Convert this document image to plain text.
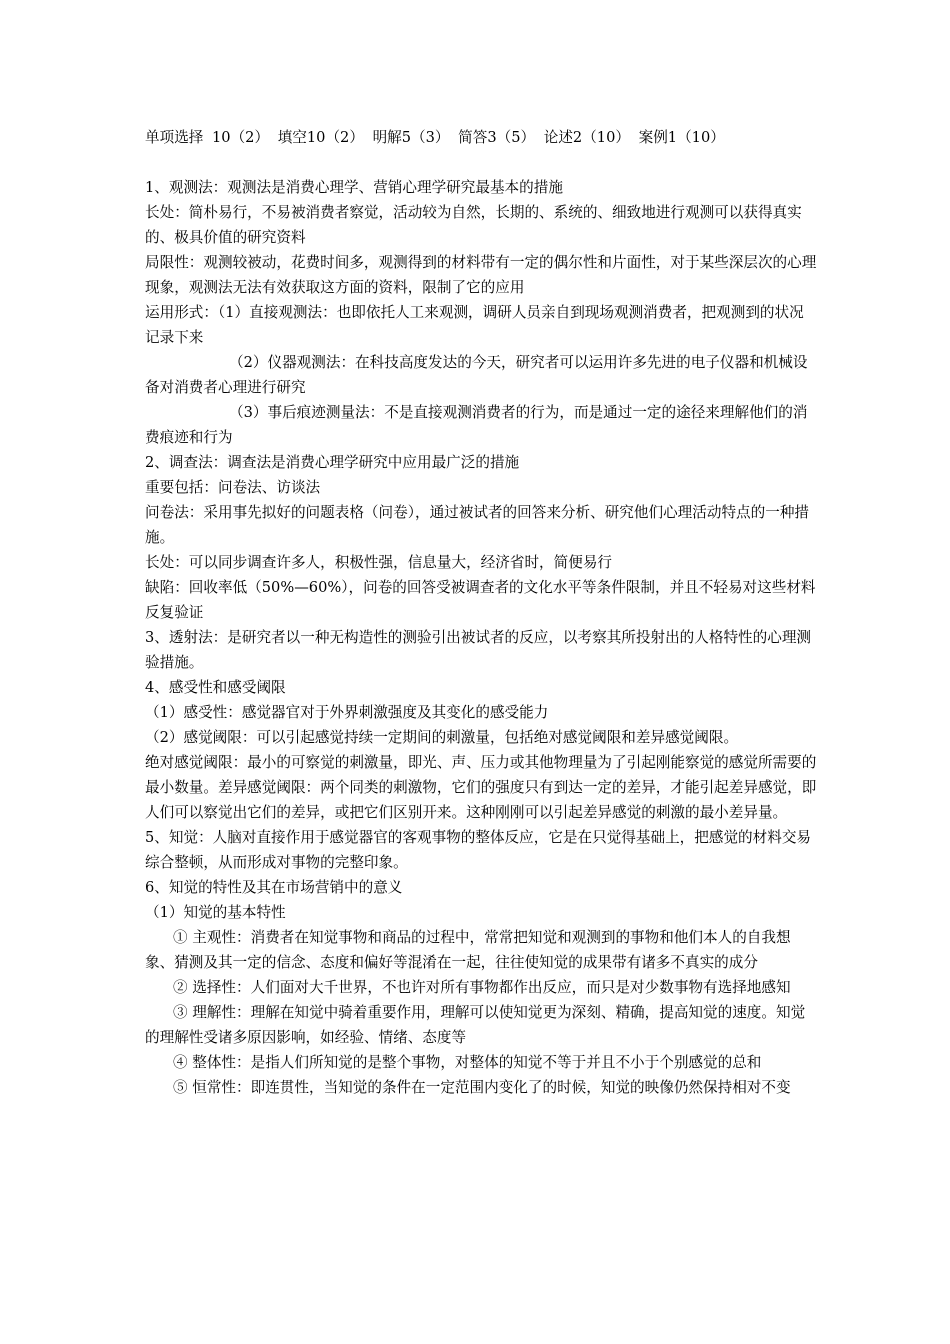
单项选择 10（2） 填空10（2） 明解5（3） 简答3（5） 论述2（10） 案例1（10）

1、观测法：观测法是消费心理学、营销心理学研究最基本的措施

长处：简朴易行，不易被消费者察觉，活动较为自然，长期的、系统的、细致地进行观测可以获得真实的、极具价值的研究资料

局限性：观测较被动，花费时间多，观测得到的材料带有一定的偶尔性和片面性，对于某些深层次的心理现象，观测法无法有效获取这方面的资料，限制了它的应用

运用形式：（1）直接观测法：也即依托人工来观测，调研人员亲自到现场观测消费者，把观测到的状况记录下来

（2）仪器观测法：在科技高度发达的今天，研究者可以运用许多先进的电子仪器和机械设备对消费者心理进行研究

（3）事后痕迹测量法：不是直接观测消费者的行为，而是通过一定的途径来理解他们的消费痕迹和行为

2、调查法：调查法是消费心理学研究中应用最广泛的措施

重要包括：问卷法、访谈法

问卷法：采用事先拟好的问题表格（问卷），通过被试者的回答来分析、研究他们心理活动特点的一种措施。

长处：可以同步调查许多人，积极性强，信息量大，经济省时，简便易行

缺陷：回收率低（50%—60%），问卷的回答受被调查者的文化水平等条件限制，并且不轻易对这些材料反复验证

3、透射法：是研究者以一种无构造性的测验引出被试者的反应，以考察其所投射出的人格特性的心理测验措施。

4、感受性和感受阈限

（1）感受性：感觉器官对于外界刺激强度及其变化的感受能力

（2）感觉阈限：可以引起感觉持续一定期间的刺激量，包括绝对感觉阈限和差异感觉阈限。

绝对感觉阈限：最小的可察觉的刺激量，即光、声、压力或其他物理量为了引起刚能察觉的感觉所需要的最小数量。差异感觉阈限：两个同类的刺激物，它们的强度只有到达一定的差异，才能引起差异感觉，即人们可以察觉出它们的差异，或把它们区别开来。这种刚刚可以引起差异感觉的刺激的最小差异量。

5、知觉：人脑对直接作用于感觉器官的客观事物的整体反应，它是在只觉得基础上，把感觉的材料交易综合整顿，从而形成对事物的完整印象。

6、知觉的特性及其在市场营销中的意义

（1）知觉的基本特性

① 主观性：消费者在知觉事物和商品的过程中，常常把知觉和观测到的事物和他们本人的自我想象、猜测及其一定的信念、态度和偏好等混淆在一起，往往使知觉的成果带有诸多不真实的成分

② 选择性：人们面对大千世界，不也许对所有事物都作出反应，而只是对少数事物有选择地感知

③ 理解性：理解在知觉中骑着重要作用，理解可以使知觉更为深刻、精确，提高知觉的速度。知觉的理解性受诸多原因影响，如经验、情绪、态度等

④ 整体性：是指人们所知觉的是整个事物，对整体的知觉不等于并且不小于个别感觉的总和

⑤ 恒常性：即连贯性，当知觉的条件在一定范围内变化了的时候，知觉的映像仍然保持相对不变
